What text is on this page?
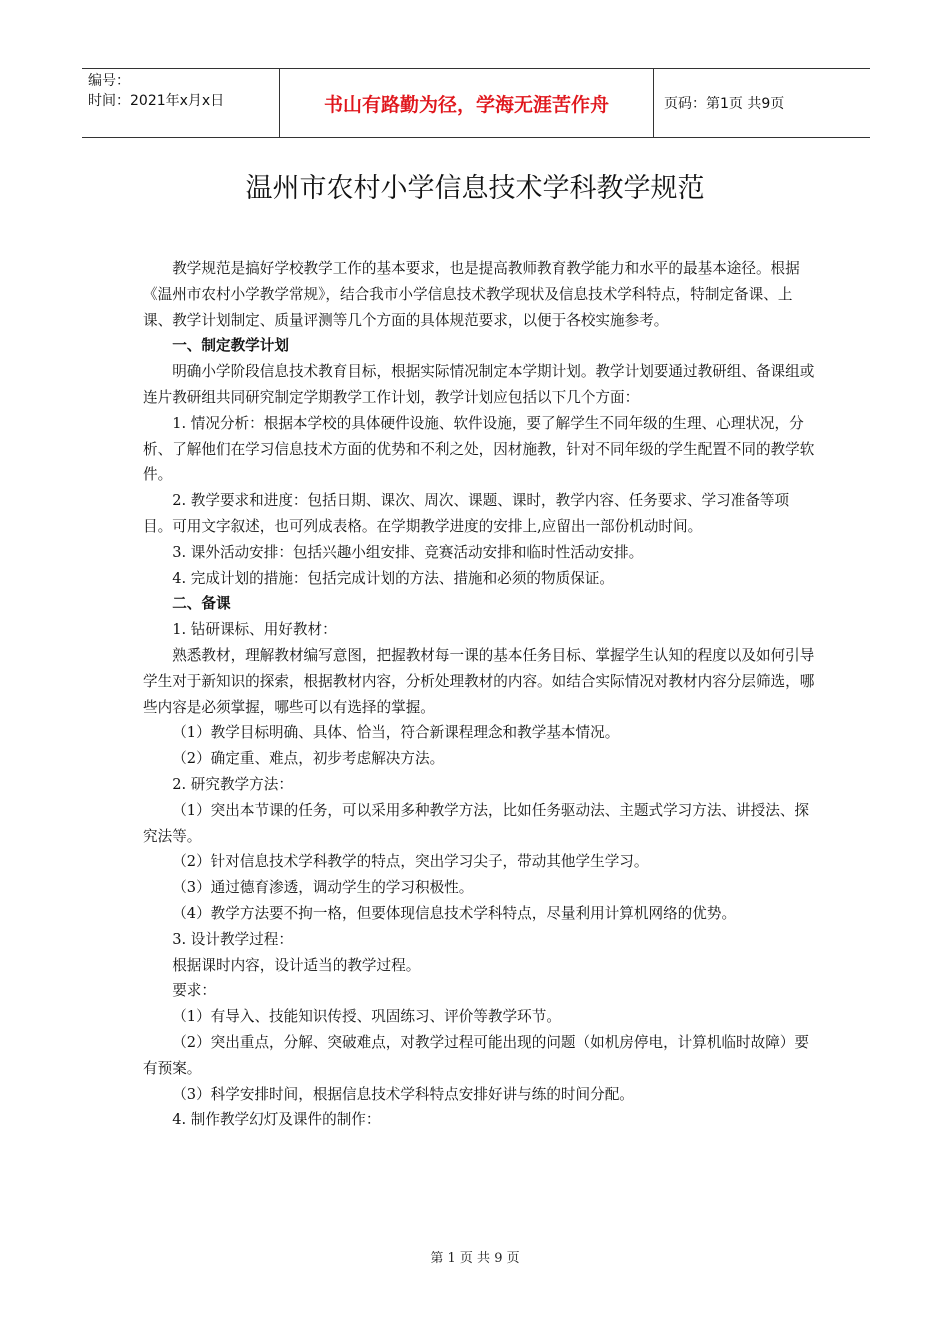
编号：
时间：2021年x月x日	书山有路勤为径，学海无涯苦作舟	页码：第1页 共9页
温州市农村小学信息技术学科教学规范

教学规范是搞好学校教学工作的基本要求，也是提高教师教育教学能力和水平的最基本途径。根据《温州市农村小学教学常规》，结合我市小学信息技术教学现状及信息技术学科特点，特制定备课、上课、教学计划制定、质量评测等几个方面的具体规范要求，以便于各校实施参考。

一、制定教学计划

明确小学阶段信息技术教育目标，根据实际情况制定本学期计划。教学计划要通过教研组、备课组或连片教研组共同研究制定学期教学工作计划，教学计划应包括以下几个方面：

1. 情况分析：根据本学校的具体硬件设施、软件设施，要了解学生不同年级的生理、心理状况，分析、了解他们在学习信息技术方面的优势和不利之处，因材施教，针对不同年级的学生配置不同的教学软件。

2. 教学要求和进度：包括日期、课次、周次、课题、课时，教学内容、任务要求、学习准备等项目。可用文字叙述，也可列成表格。在学期教学进度的安排上,应留出一部份机动时间。

3. 课外活动安排：包括兴趣小组安排、竞赛活动安排和临时性活动安排。

4. 完成计划的措施：包括完成计划的方法、措施和必须的物质保证。

二、备课

1. 钻研课标、用好教材：

熟悉教材，理解教材编写意图，把握教材每一课的基本任务目标、掌握学生认知的程度以及如何引导学生对于新知识的探索，根据教材内容，分析处理教材的内容。如结合实际情况对教材内容分层筛选，哪些内容是必须掌握，哪些可以有选择的掌握。

（1）教学目标明确、具体、恰当，符合新课程理念和教学基本情况。

（2）确定重、难点，初步考虑解决方法。

2. 研究教学方法：

（1）突出本节课的任务，可以采用多种教学方法，比如任务驱动法、主题式学习方法、讲授法、探究法等。

（2）针对信息技术学科教学的特点，突出学习尖子，带动其他学生学习。

（3）通过德育渗透，调动学生的学习积极性。

（4）教学方法要不拘一格，但要体现信息技术学科特点，尽量利用计算机网络的优势。

3. 设计教学过程：

根据课时内容，设计适当的教学过程。

要求：

（1）有导入、技能知识传授、巩固练习、评价等教学环节。

（2）突出重点，分解、突破难点，对教学过程可能出现的问题（如机房停电，计算机临时故障）要有预案。

（3）科学安排时间，根据信息技术学科特点安排好讲与练的时间分配。

4. 制作教学幻灯及课件的制作：

第 1 页 共 9 页
